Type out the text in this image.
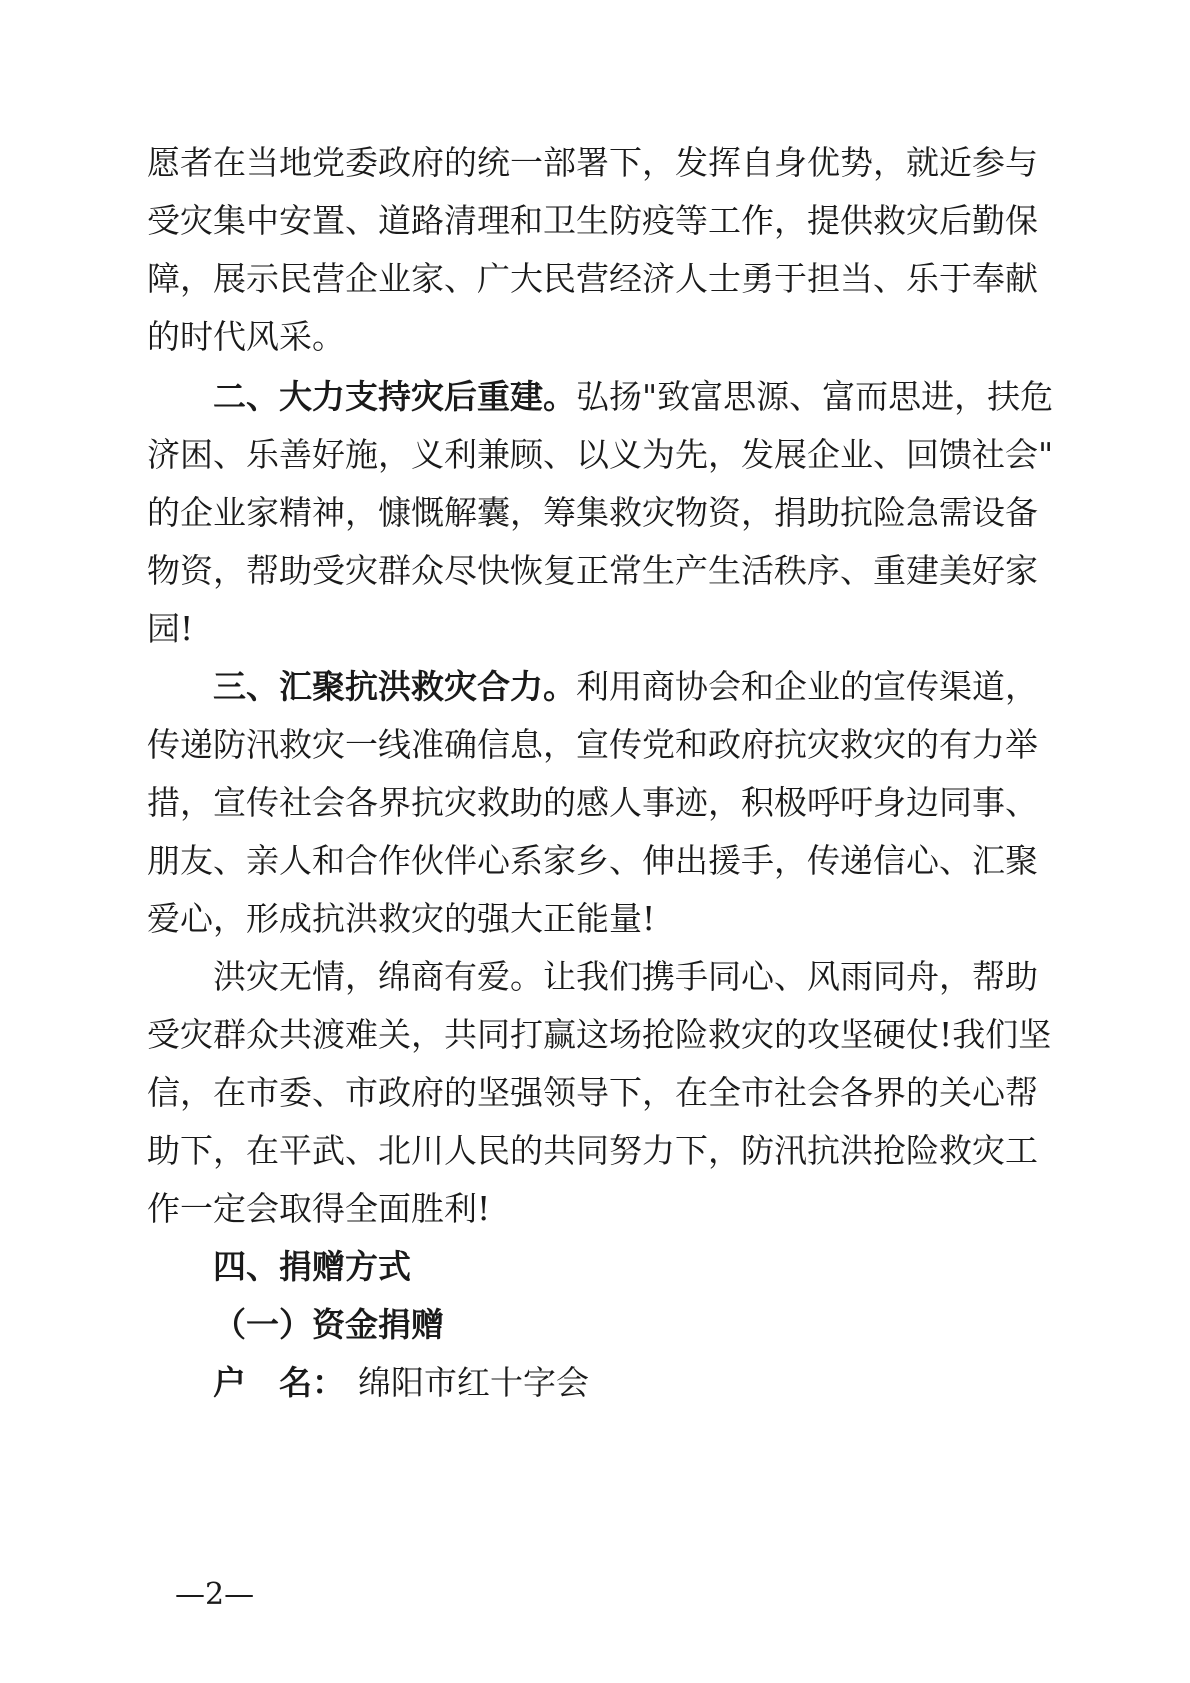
愿者在当地党委政府的统一部署下，发挥自身优势，就近参与
受灾集中安置、道路清理和卫生防疫等工作，提供救灾后勤保
障，展示民营企业家、广大民营经济人士勇于担当、乐于奉献
的时代风采。
二、大力支持灾后重建。弘扬"致富思源、富而思进，扶危
济困、乐善好施，义利兼顾、以义为先，发展企业、回馈社会"
的企业家精神，慷慨解囊，筹集救灾物资，捐助抗险急需设备
物资，帮助受灾群众尽快恢复正常生产生活秩序、重建美好家
园!
三、汇聚抗洪救灾合力。利用商协会和企业的宣传渠道，
传递防汛救灾一线准确信息，宣传党和政府抗灾救灾的有力举
措，宣传社会各界抗灾救助的感人事迹，积极呼吁身边同事、
朋友、亲人和合作伙伴心系家乡、伸出援手，传递信心、汇聚
爱心，形成抗洪救灾的强大正能量!
洪灾无情，绵商有爱。让我们携手同心、风雨同舟，帮助
受灾群众共渡难关，共同打赢这场抢险救灾的攻坚硬仗!我们坚
信，在市委、市政府的坚强领导下，在全市社会各界的关心帮
助下，在平武、北川人民的共同努力下，防汛抗洪抢险救灾工
作一定会取得全面胜利!
四、捐赠方式
（一）资金捐赠
户　名： 绵阳市红十字会
—2—
